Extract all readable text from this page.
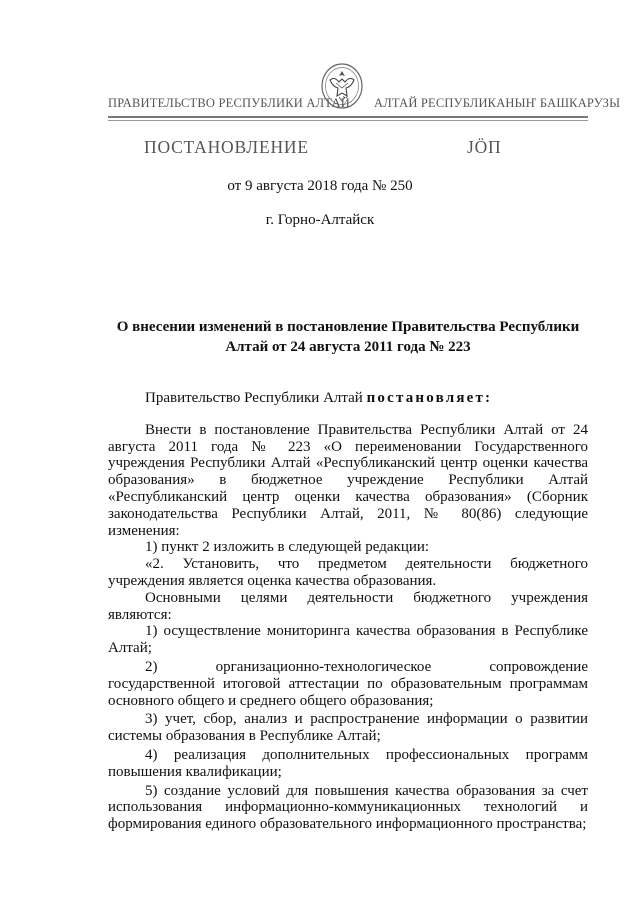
ПРАВИТЕЛЬСТВО РЕСПУБЛИКИ АЛТАЙ АЛТАЙ РЕСПУБЛИКАНЫҤ БАШКАРУЗЫ
ПОСТАНОВЛЕНИЕ	ЈӦП
от 9 августа 2018 года № 250
г. Горно-Алтайск
О внесении изменений в постановление Правительства Республики Алтай от 24 августа 2011 года № 223

Правительство Республики Алтай постановляет:

Внести в постановление Правительства Республики Алтай от 24 августа 2011 года № 223 «О переименовании Государственного учреждения Республики Алтай «Республиканский центр оценки качества образования» в бюджетное учреждение Республики Алтай «Республиканский центр оценки качества образования» (Сборник законодательства Республики Алтай, 2011, № 80(86) следующие изменения:

1) пункт 2 изложить в следующей редакции:

«2. Установить, что предметом деятельности бюджетного учреждения является оценка качества образования.

Основными целями деятельности бюджетного учреждения являются:

1) осуществление мониторинга качества образования в Республике Алтай;

2) организационно-технологическое сопровождение государственной итоговой аттестации по образовательным программам основного общего и среднего общего образования;

3) учет, сбор, анализ и распространение информации о развитии системы образования в Республике Алтай;

4) реализация дополнительных профессиональных программ повышения квалификации;

5) создание условий для повышения качества образования за счет использования информационно-коммуникационных технологий и формирования единого образовательного информационного пространства;
